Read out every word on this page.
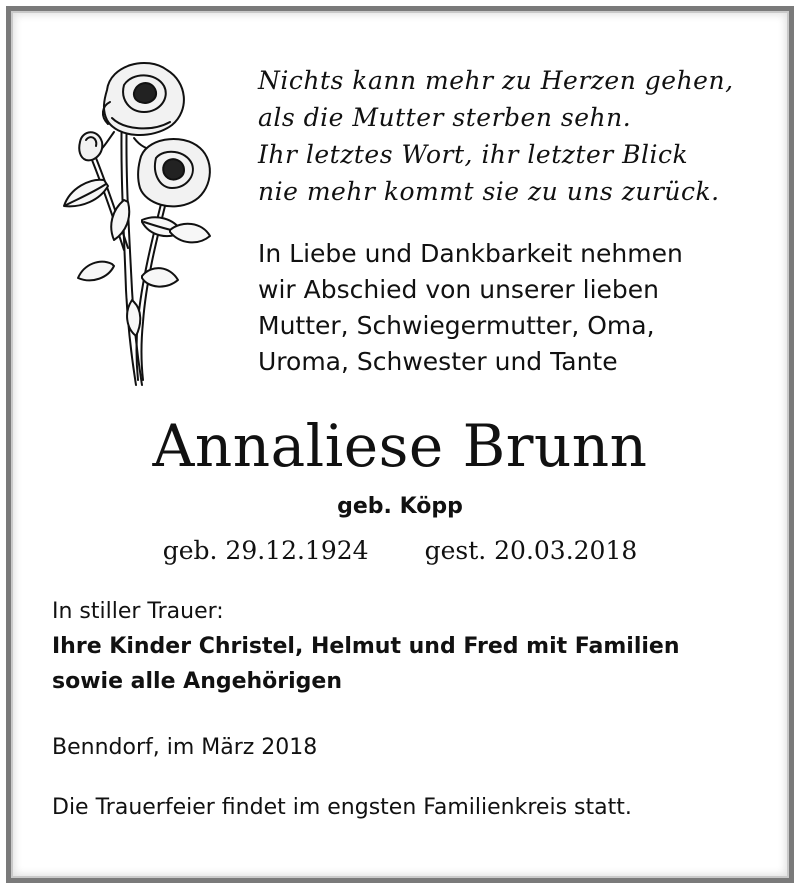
Nichts kann mehr zu Herzen gehen,
als die Mutter sterben sehn.
Ihr letztes Wort, ihr letzter Blick
nie mehr kommt sie zu uns zurück.
In Liebe und Dankbarkeit nehmen
wir Abschied von unserer lieben
Mutter, Schwiegermutter, Oma,
Uroma, Schwester und Tante
Annaliese Brunn
geb. Köpp
geb. 29.12.1924 gest. 20.03.2018
In stiller Trauer:
Ihre Kinder Christel, Helmut und Fred mit Familien
sowie alle Angehörigen
Benndorf, im März 2018
Die Trauerfeier findet im engsten Familienkreis statt.
